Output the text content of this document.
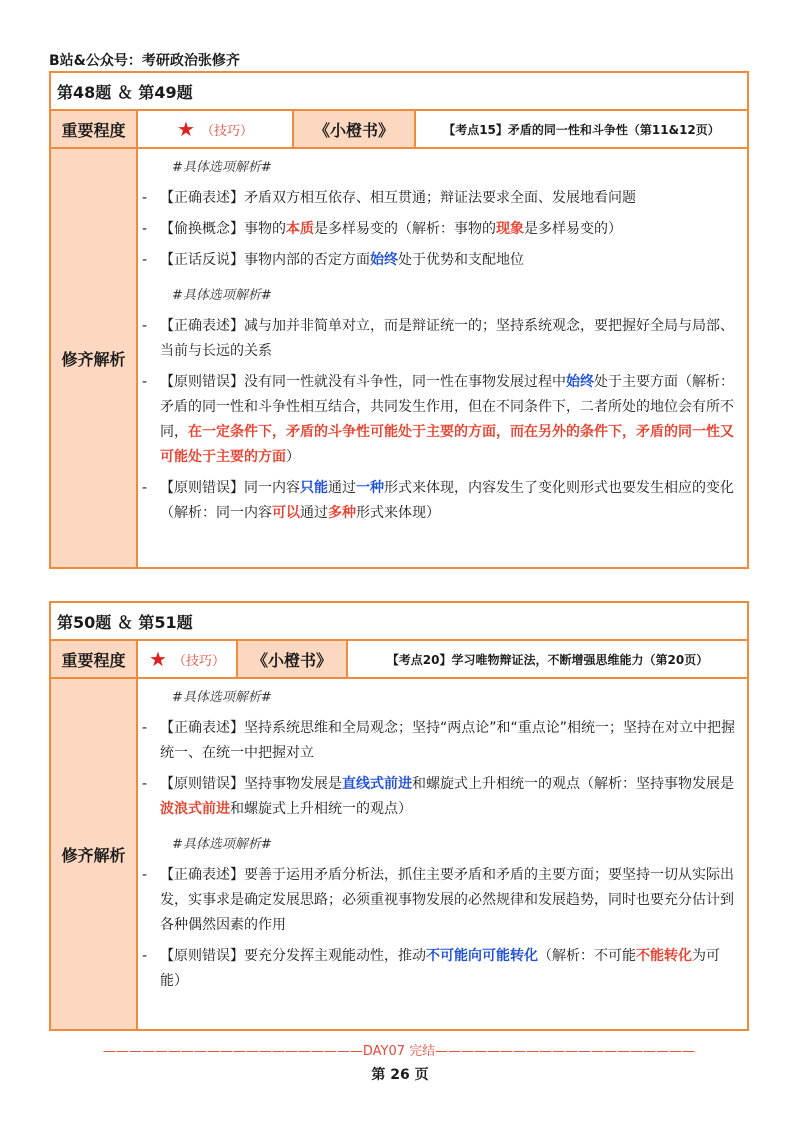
B站&公众号：考研政治张修齐
第48题 ＆ 第49题
重要程度	★ （技巧）	《小橙书》	【考点15】矛盾的同一性和斗争性（第11&12页）
修齐解析
#具体选项解析#
- 【正确表述】矛盾双方相互依存、相互贯通；辩证法要求全面、发展地看问题
- 【偷换概念】事物的本质是多样易变的（解析：事物的现象是多样易变的）
- 【正话反说】事物内部的否定方面始终处于优势和支配地位
#具体选项解析#
- 【正确表述】减与加并非简单对立，而是辩证统一的；坚持系统观念，要把握好全局与局部、当前与长远的关系
- 【原则错误】没有同一性就没有斗争性，同一性在事物发展过程中始终处于主要方面（解析：矛盾的同一性和斗争性相互结合，共同发生作用，但在不同条件下，二者所处的地位会有所不同，在一定条件下，矛盾的斗争性可能处于主要的方面，而在另外的条件下，矛盾的同一性又可能处于主要的方面）
- 【原则错误】同一内容只能通过一种形式来体现，内容发生了变化则形式也要发生相应的变化（解析：同一内容可以通过多种形式来体现）
第50题 ＆ 第51题
重要程度	★ （技巧）	《小橙书》	【考点20】学习唯物辩证法，不断增强思维能力（第20页）
修齐解析
#具体选项解析#
- 【正确表述】坚持系统思维和全局观念；坚持“两点论”和“重点论”相统一；坚持在对立中把握统一、在统一中把握对立
- 【原则错误】坚持事物发展是直线式前进和螺旋式上升相统一的观点（解析：坚持事物发展是波浪式前进和螺旋式上升相统一的观点）
#具体选项解析#
- 【正确表述】要善于运用矛盾分析法，抓住主要矛盾和矛盾的主要方面；要坚持一切从实际出发，实事求是确定发展思路；必须重视事物发展的必然规律和发展趋势，同时也要充分估计到各种偶然因素的作用
- 【原则错误】要充分发挥主观能动性，推动不可能向可能转化（解析：不可能不能转化为可能）
————————————————————DAY07 完结————————————————————
第 26 页
